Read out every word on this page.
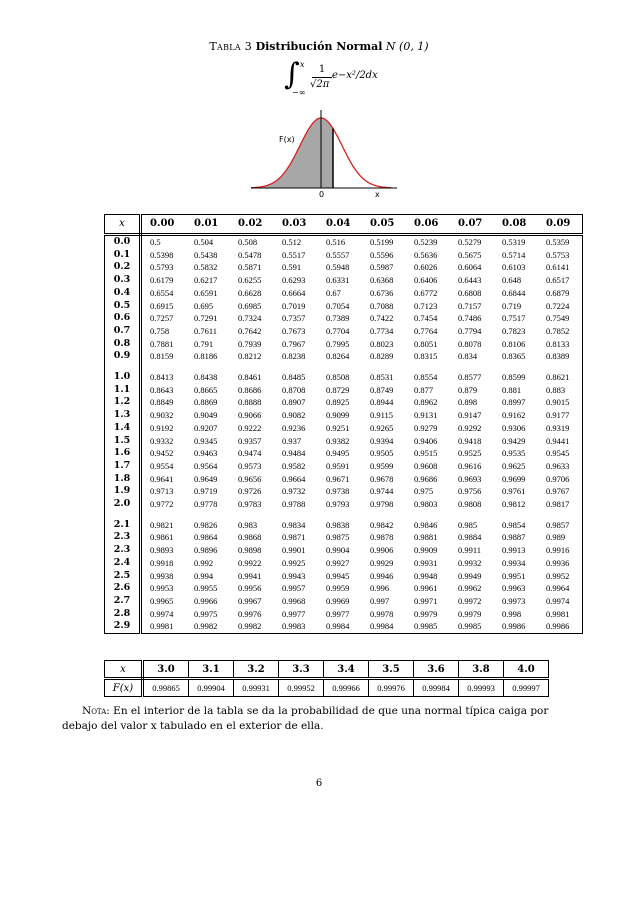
Tabla 3 Distribución Normal N (0, 1)
∫ x
−∞
1
√2π
e−x²/2dx
F(x)
0	x
x	0.00	0.01	0.02	0.03	0.04	0.05	0.06	0.07	0.08	0.09
0.0	0.5	0.504	0.508	0.512	0.516	0.5199	0.5239	0.5279	0.5319	0.5359
0.1	0.5398	0.5438	0.5478	0.5517	0.5557	0.5596	0.5636	0.5675	0.5714	0.5753
0.2	0.5793	0.5832	0.5871	0.591	0.5948	0.5987	0.6026	0.6064	0.6103	0.6141
0.3	0.6179	0.6217	0.6255	0.6293	0.6331	0.6368	0.6406	0.6443	0.648	0.6517
0.4	0.6554	0.6591	0.6628	0.6664	0.67	0.6736	0.6772	0.6808	0.6844	0.6879
0.5	0.6915	0.695	0.6985	0.7019	0.7054	0.7088	0.7123	0.7157	0.719	0.7224
0.6	0.7257	0.7291	0.7324	0.7357	0.7389	0.7422	0.7454	0.7486	0.7517	0.7549
0.7	0.758	0.7611	0.7642	0.7673	0.7704	0.7734	0.7764	0.7794	0.7823	0.7852
0.8	0.7881	0.791	0.7939	0.7967	0.7995	0.8023	0.8051	0.8078	0.8106	0.8133
0.9	0.8159	0.8186	0.8212	0.8238	0.8264	0.8289	0.8315	0.834	0.8365	0.8389

1.0	0.8413	0.8438	0.8461	0.8485	0.8508	0.8531	0.8554	0.8577	0.8599	0.8621
1.1	0.8643	0.8665	0.8686	0.8708	0.8729	0.8749	0.877	0.879	0.881	0.883
1.2	0.8849	0.8869	0.8888	0.8907	0.8925	0.8944	0.8962	0.898	0.8997	0.9015
1.3	0.9032	0.9049	0.9066	0.9082	0.9099	0.9115	0.9131	0.9147	0.9162	0.9177
1.4	0.9192	0.9207	0.9222	0.9236	0.9251	0.9265	0.9279	0.9292	0.9306	0.9319
1.5	0.9332	0.9345	0.9357	0.937	0.9382	0.9394	0.9406	0.9418	0.9429	0.9441
1.6	0.9452	0.9463	0.9474	0.9484	0.9495	0.9505	0.9515	0.9525	0.9535	0.9545
1.7	0.9554	0.9564	0.9573	0.9582	0.9591	0.9599	0.9608	0.9616	0.9625	0.9633
1.8	0.9641	0.9649	0.9656	0.9664	0.9671	0.9678	0.9686	0.9693	0.9699	0.9706
1.9	0.9713	0.9719	0.9726	0.9732	0.9738	0.9744	0.975	0.9756	0.9761	0.9767
2.0	0.9772	0.9778	0.9783	0.9788	0.9793	0.9798	0.9803	0.9808	0.9812	0.9817

2.1	0.9821	0.9826	0.983	0.9834	0.9838	0.9842	0.9846	0.985	0.9854	0.9857
2.3	0.9861	0.9864	0.9868	0.9871	0.9875	0.9878	0.9881	0.9884	0.9887	0.989
2.3	0.9893	0.9896	0.9898	0.9901	0.9904	0.9906	0.9909	0.9911	0.9913	0.9916
2.4	0.9918	0.992	0.9922	0.9925	0.9927	0.9929	0.9931	0.9932	0.9934	0.9936
2.5	0.9938	0.994	0.9941	0.9943	0.9945	0.9946	0.9948	0.9949	0.9951	0.9952
2.6	0.9953	0.9955	0.9956	0.9957	0.9959	0.996	0.9961	0.9962	0.9963	0.9964
2.7	0.9965	0.9966	0.9967	0.9968	0.9969	0.997	0.9971	0.9972	0.9973	0.9974
2.8	0.9974	0.9975	0.9976	0.9977	0.9977	0.9978	0.9979	0.9979	0.998	0.9981
2.9	0.9981	0.9982	0.9982	0.9983	0.9984	0.9984	0.9985	0.9985	0.9986	0.9986
x	3.0	3.1	3.2	3.3	3.4	3.5	3.6	3.8	4.0
F(x)	0.99865	0.99904	0.99931	0.99952	0.99966	0.99976	0.99984	0.99993	0.99997
Nota: En el interior de la tabla se da la probabilidad de que una normal típica caiga por debajo del valor x tabulado en el exterior de ella.
6
